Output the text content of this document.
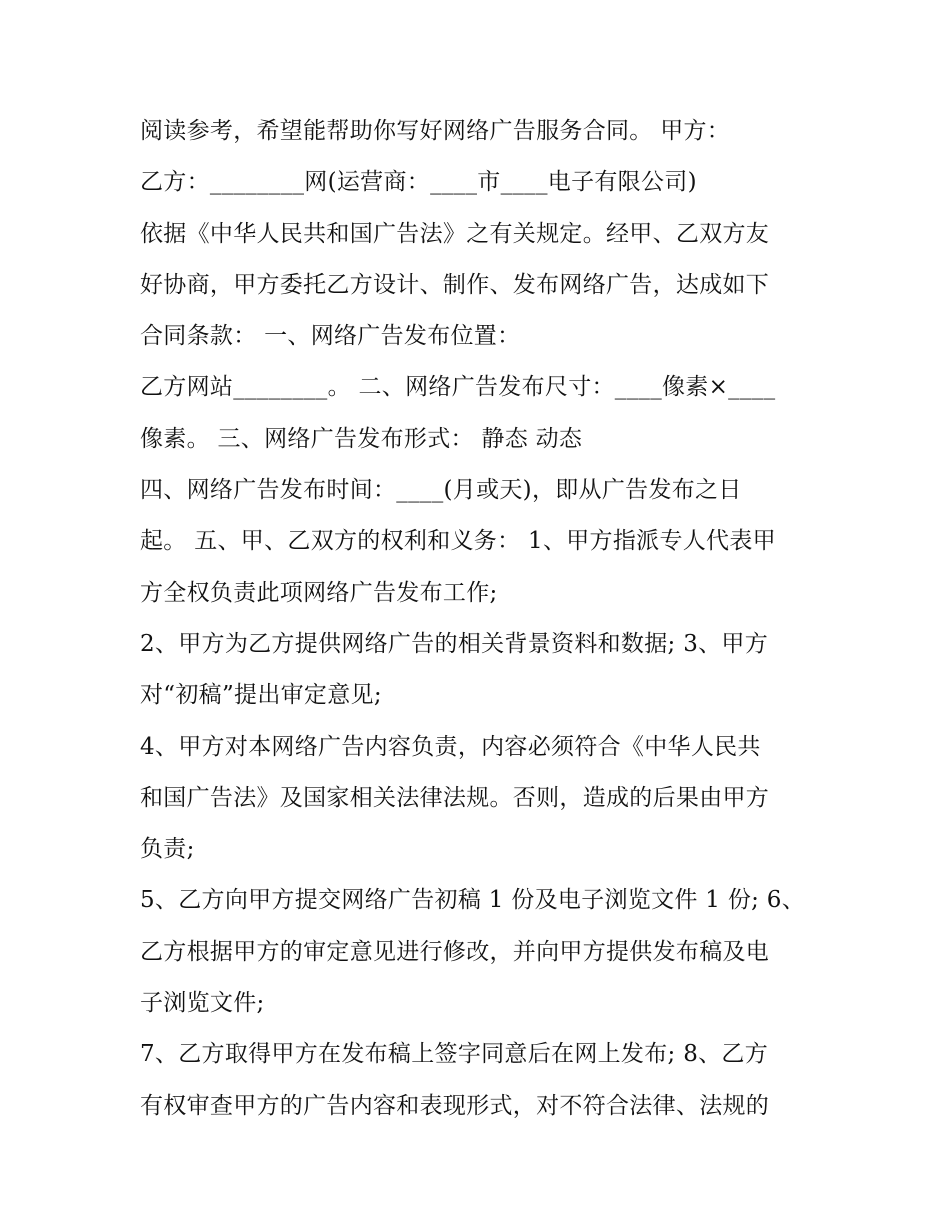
阅读参考，希望能帮助你写好网络广告服务合同。 甲方：
乙方：________网(运营商：____市____电子有限公司)
依据《中华人民共和国广告法》之有关规定。经甲、乙双方友
好协商，甲方委托乙方设计、制作、发布网络广告，达成如下
合同条款： 一、网络广告发布位置：
乙方网站________。 二、网络广告发布尺寸：____像素×____
像素。 三、网络广告发布形式： 静态 动态
四、网络广告发布时间：____(月或天)，即从广告发布之日
起。 五、甲、乙双方的权利和义务： 1、甲方指派专人代表甲
方全权负责此项网络广告发布工作;
2、甲方为乙方提供网络广告的相关背景资料和数据; 3、甲方
对“初稿”提出审定意见;
4、甲方对本网络广告内容负责，内容必须符合《中华人民共
和国广告法》及国家相关法律法规。否则，造成的后果由甲方
负责;
5、乙方向甲方提交网络广告初稿 1 份及电子浏览文件 1 份; 6、
乙方根据甲方的审定意见进行修改，并向甲方提供发布稿及电
子浏览文件;
7、乙方取得甲方在发布稿上签字同意后在网上发布; 8、乙方
有权审查甲方的广告内容和表现形式，对不符合法律、法规的
